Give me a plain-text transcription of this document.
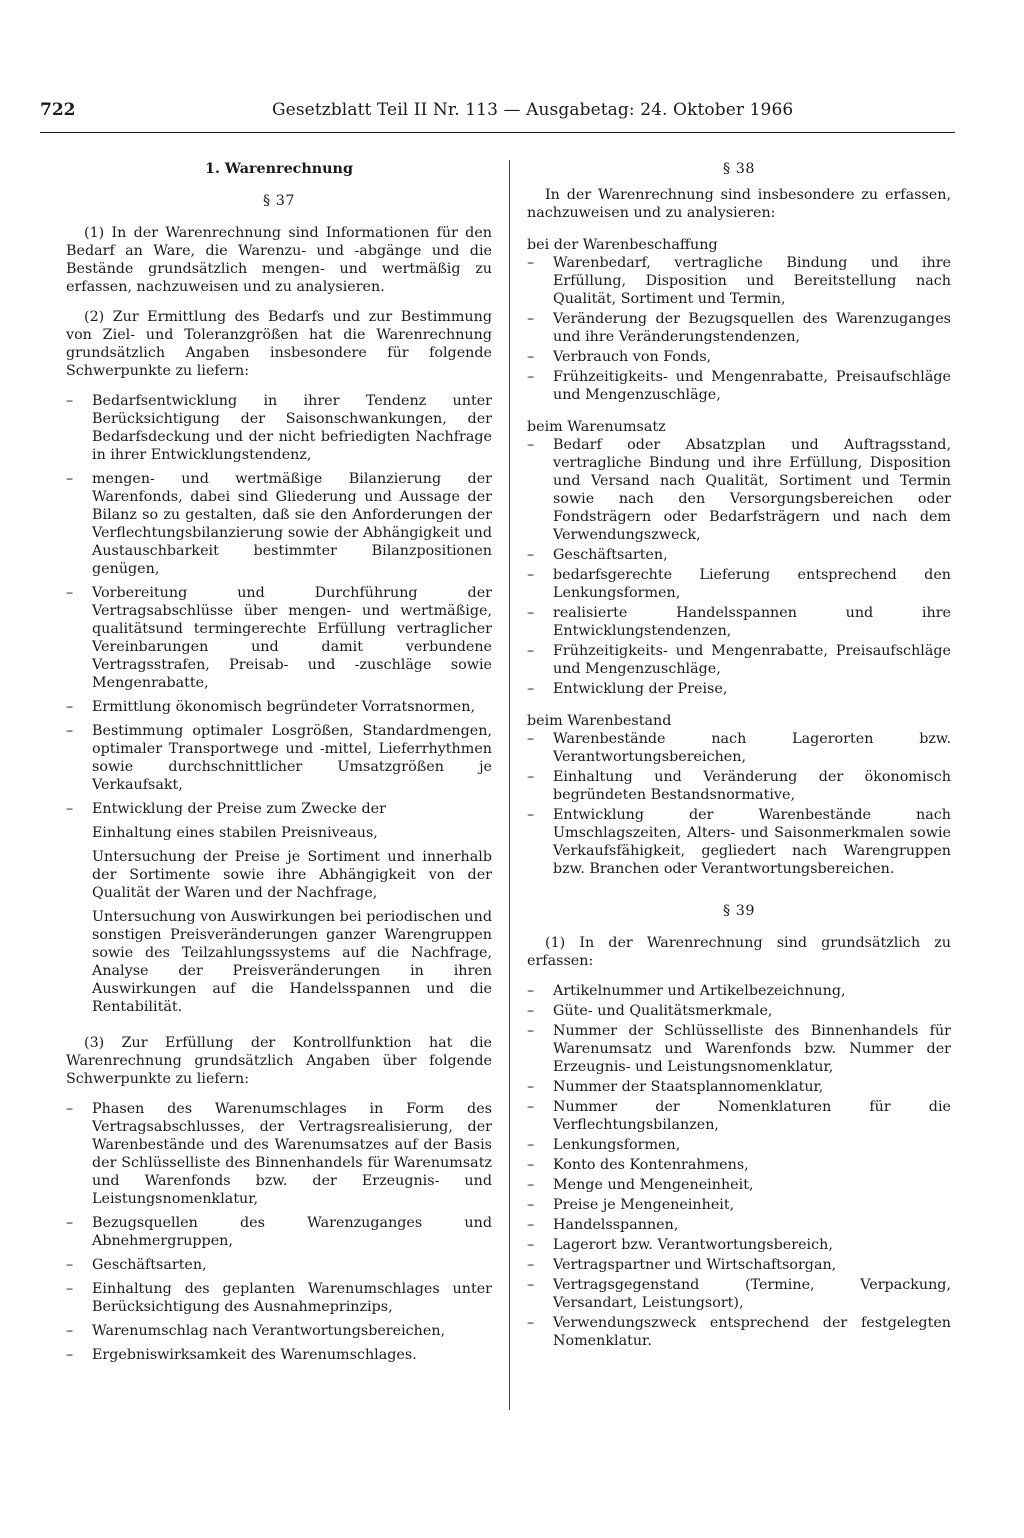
722	Gesetzblatt Teil II Nr. 113 — Ausgabetag: 24. Oktober 1966
1. Warenrechnung
§ 37

(1) In der Warenrechnung sind Informationen für den Bedarf an Ware, die Warenzu- und -abgänge und die Bestände grundsätzlich mengen- und wertmäßig zu erfassen, nachzuweisen und zu analysieren.

(2) Zur Ermittlung des Bedarfs und zur Bestimmung von Ziel- und Toleranzgrößen hat die Warenrechnung grundsätzlich Angaben insbesondere für folgende Schwerpunkte zu liefern:

– Bedarfsentwicklung in ihrer Tendenz unter Berücksichtigung der Saisonschwankungen, der Bedarfsdeckung und der nicht befriedigten Nachfrage in ihrer Entwicklungstendenz,
– mengen- und wertmäßige Bilanzierung der Warenfonds, dabei sind Gliederung und Aussage der Bilanz so zu gestalten, daß sie den Anforderungen der Verflechtungsbilanzierung sowie der Abhängigkeit und Austauschbarkeit bestimmter Bilanzpositionen genügen,
– Vorbereitung und Durchführung der Vertragsabschlüsse über mengen- und wertmäßige, qualitätsund termingerechte Erfüllung vertraglicher Vereinbarungen und damit verbundene Vertragsstrafen, Preisab- und -zuschläge sowie Mengenrabatte,
– Ermittlung ökonomisch begründeter Vorratsnormen,
– Bestimmung optimaler Losgrößen, Standardmengen, optimaler Transportwege und -mittel, Lieferrhythmen sowie durchschnittlicher Umsatzgrößen je Verkaufsakt,
– Entwicklung der Preise zum Zwecke der

Einhaltung eines stabilen Preisniveaus,

Untersuchung der Preise je Sortiment und innerhalb der Sortimente sowie ihre Abhängigkeit von der Qualität der Waren und der Nachfrage,

Untersuchung von Auswirkungen bei periodischen und sonstigen Preisveränderungen ganzer Warengruppen sowie des Teilzahlungssystems auf die Nachfrage, Analyse der Preisveränderungen in ihren Auswirkungen auf die Handelsspannen und die Rentabilität.

(3) Zur Erfüllung der Kontrollfunktion hat die Warenrechnung grundsätzlich Angaben über folgende Schwerpunkte zu liefern:

– Phasen des Warenumschlages in Form des Vertragsabschlusses, der Vertragsrealisierung, der Warenbestände und des Warenumsatzes auf der Basis der Schlüsselliste des Binnenhandels für Warenumsatz und Warenfonds bzw. der Erzeugnis- und Leistungsnomenklatur,
– Bezugsquellen des Warenzuganges und Abnehmergruppen,
– Geschäftsarten,
– Einhaltung des geplanten Warenumschlages unter Berücksichtigung des Ausnahmeprinzips,
– Warenumschlag nach Verantwortungsbereichen,
– Ergebniswirksamkeit des Warenumschlages.
§ 38

In der Warenrechnung sind insbesondere zu erfassen, nachzuweisen und zu analysieren:

bei der Warenbeschaffung

– Warenbedarf, vertragliche Bindung und ihre Erfüllung, Disposition und Bereitstellung nach Qualität, Sortiment und Termin,
– Veränderung der Bezugsquellen des Warenzuganges und ihre Veränderungstendenzen,
– Verbrauch von Fonds,
– Frühzeitigkeits- und Mengenrabatte, Preisaufschläge und Mengenzuschläge,

beim Warenumsatz

– Bedarf oder Absatzplan und Auftragsstand, vertragliche Bindung und ihre Erfüllung, Disposition und Versand nach Qualität, Sortiment und Termin sowie nach den Versorgungsbereichen oder Fondsträgern oder Bedarfsträgern und nach dem Verwendungszweck,
– Geschäftsarten,
– bedarfsgerechte Lieferung entsprechend den Lenkungsformen,
– realisierte Handelsspannen und ihre Entwicklungstendenzen,
– Frühzeitigkeits- und Mengenrabatte, Preisaufschläge und Mengenzuschläge,
– Entwicklung der Preise,

beim Warenbestand

– Warenbestände nach Lagerorten bzw. Verantwortungsbereichen,
– Einhaltung und Veränderung der ökonomisch begründeten Bestandsnormative,
– Entwicklung der Warenbestände nach Umschlagszeiten, Alters- und Saisonmerkmalen sowie Verkaufsfähigkeit, gegliedert nach Warengruppen bzw. Branchen oder Verantwortungsbereichen.
§ 39

(1) In der Warenrechnung sind grundsätzlich zu erfassen:

– Artikelnummer und Artikelbezeichnung,
– Güte- und Qualitätsmerkmale,
– Nummer der Schlüsselliste des Binnenhandels für Warenumsatz und Warenfonds bzw. Nummer der Erzeugnis- und Leistungsnomenklatur,
– Nummer der Staatsplannomenklatur,
– Nummer der Nomenklaturen für die Verflechtungsbilanzen,
– Lenkungsformen,
– Konto des Kontenrahmens,
– Menge und Mengeneinheit,
– Preise je Mengeneinheit,
– Handelsspannen,
– Lagerort bzw. Verantwortungsbereich,
– Vertragspartner und Wirtschaftsorgan,
– Vertragsgegenstand (Termine, Verpackung, Versandart, Leistungsort),
– Verwendungszweck entsprechend der festgelegten Nomenklatur.
